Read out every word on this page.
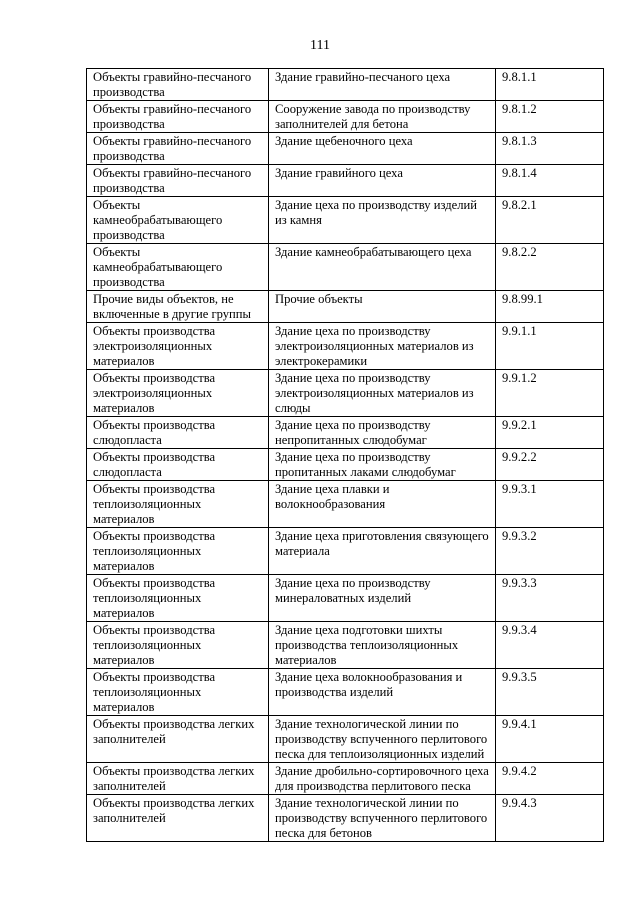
111
Объекты гравийно-песчаного производства	Здание гравийно-песчаного цеха	9.8.1.1
Объекты гравийно-песчаного производства	Сооружение завода по производству заполнителей для бетона	9.8.1.2
Объекты гравийно-песчаного производства	Здание щебеночного цеха	9.8.1.3
Объекты гравийно-песчаного производства	Здание гравийного цеха	9.8.1.4
Объекты камнеобрабатывающего производства	Здание цеха по производству изделий из камня	9.8.2.1
Объекты камнеобрабатывающего производства	Здание камнеобрабатывающего цеха	9.8.2.2
Прочие виды объектов, не включенные в другие группы	Прочие объекты	9.8.99.1
Объекты производства электроизоляционных материалов	Здание цеха по производству электроизоляционных материалов из электрокерамики	9.9.1.1
Объекты производства электроизоляционных материалов	Здание цеха по производству электроизоляционных материалов из слюды	9.9.1.2
Объекты производства слюдопласта	Здание цеха по производству непропитанных слюдобумаг	9.9.2.1
Объекты производства слюдопласта	Здание цеха по производству пропитанных лаками слюдобумаг	9.9.2.2
Объекты производства теплоизоляционных материалов	Здание цеха плавки и волокнообразования	9.9.3.1
Объекты производства теплоизоляционных материалов	Здание цеха приготовления связующего материала	9.9.3.2
Объекты производства теплоизоляционных материалов	Здание цеха по производству минераловатных изделий	9.9.3.3
Объекты производства теплоизоляционных материалов	Здание цеха подготовки шихты производства теплоизоляционных материалов	9.9.3.4
Объекты производства теплоизоляционных материалов	Здание цеха волокнообразования и производства изделий	9.9.3.5
Объекты производства легких заполнителей	Здание технологической линии по производству вспученного перлитового песка для теплоизоляционных изделий	9.9.4.1
Объекты производства легких заполнителей	Здание дробильно-сортировочного цеха для производства перлитового песка	9.9.4.2
Объекты производства легких заполнителей	Здание технологической линии по производству вспученного перлитового песка для бетонов	9.9.4.3
